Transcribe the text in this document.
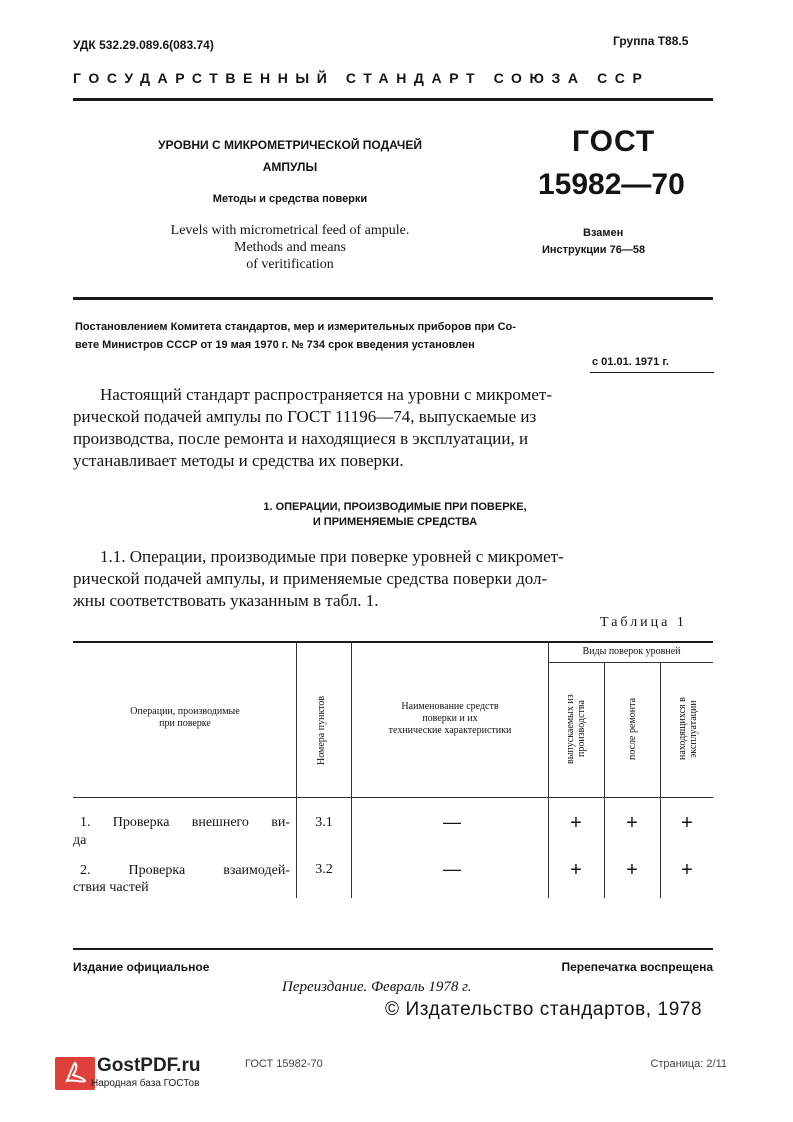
УДК 532.29.089.6(083.74)	Группа Т88.5
ГОСУДАРСТВЕННЫЙ СТАНДАРТ СОЮЗА ССР
УРОВНИ С МИКРОМЕТРИЧЕСКОЙ ПОДАЧЕЙ
АМПУЛЫ
Методы и средства поверки
Levels with micrometrical feed of ampule.
Methods and means
of veritification
ГОСТ
15982—70
Взамен
Инструкции 76—58
Постановлением Комитета стандартов, мер и измерительных приборов при Со-
вете Министров СССР от 19 мая 1970 г. № 734 срок введения установлен
с 01.01. 1971 г.
Настоящий стандарт распространяется на уровни с микромет-
рической подачей ампулы по ГОСТ 11196—74, выпускаемые из
производства, после ремонта и находящиеся в эксплуатации, и
устанавливает методы и средства их поверки.
1. ОПЕРАЦИИ, ПРОИЗВОДИМЫЕ ПРИ ПОВЕРКЕ,
И ПРИМЕНЯЕМЫЕ СРЕДСТВА
1.1. Операции, производимые при поверке уровней с микромет-
рической подачей ампулы, и применяемые средства поверки дол-
жны соответствовать указанным в табл. 1.
Таблица 1
Операции, производимые
при поверке	Номера пунктов	Наименование средств
поверки и их
технические характеристики
Виды поверок уровней
выпускаемых из
производства	после ремонта	находящихся в
эксплуатации
1. Проверка внешнего ви-
да
3.1	—	+	+	+
2. Проверка взаимодей-
ствия частей
3.2	—	+	+	+
Издание официальное	Перепечатка воспрещена
Переиздание. Февраль 1978 г.
© Издательство стандартов, 1978
GostPDF.ru
Народная база ГОСТов
ГОСТ 15982-70	Страница: 2/11
